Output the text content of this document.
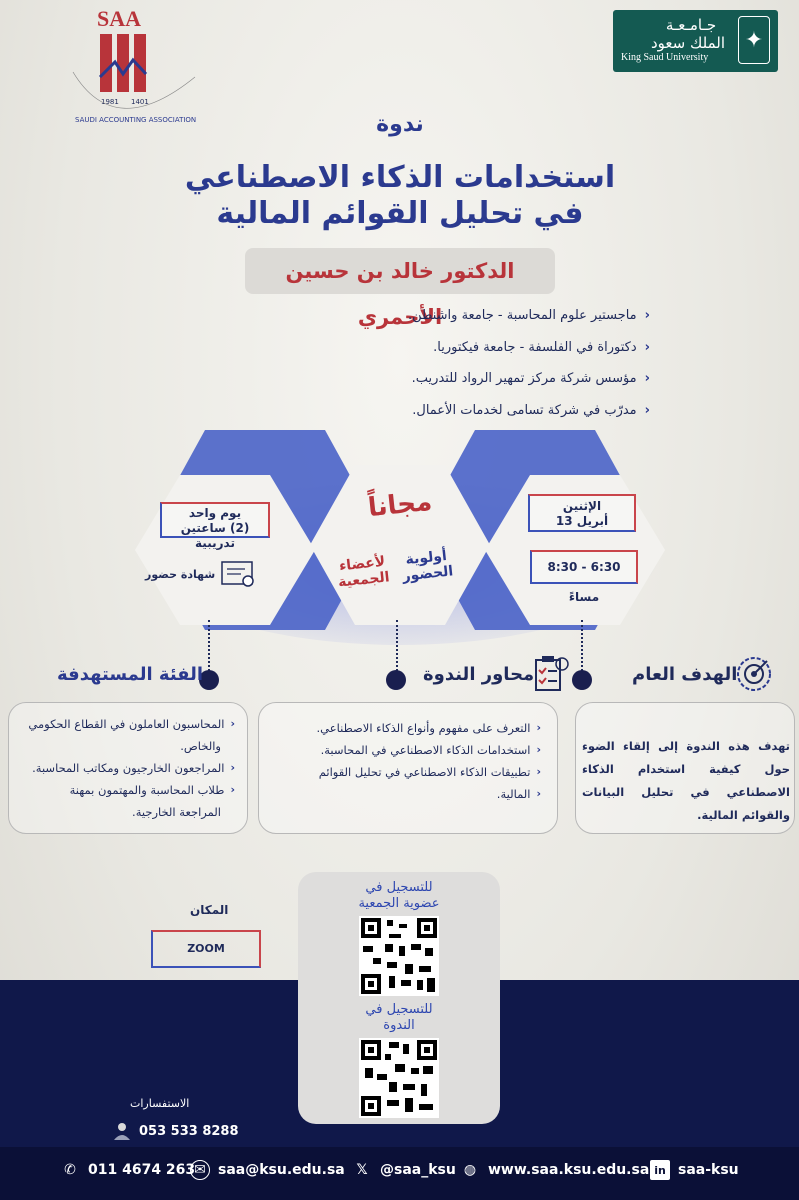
SAA
1981 1401
SAUDI ACCOUNTING ASSOCIATION
جـامـعـة
الملك سعود
King Saud University
✦
ندوة
استخدامات الذكاء الاصطناعي
في تحليل القوائم المالية
الدكتور خالد بن حسين الأحمري	‹
ماجستير علوم المحاسبة - جامعة واشنطن.
‹
دكتوراة في الفلسفة - جامعة فيكتوريا.
‹
مؤسس شركة مركز تمهير الرواد للتدريب.
‹
مدرّب في شركة تسامى لخدمات الأعمال.
الإثنين
13 أبريل
6:30 - 8:30 مساءً
مجاناً
أولوية
الحضور
لأعضاء
الجمعية
يوم واحد
(2) ساعتين تدريبية
شهادة حضور
الهدف العام
محاور الندوة
الفئة المستهدفة
تهدف هذه الندوة إلى إلقاء الضوء حول كيفية استخدام الذكاء الاصطناعي في تحليل البيانات والقوائم المالية.
‹
التعرف على مفهوم وأنواع الذكاء الاصطناعي.
‹
استخدامات الذكاء الاصطناعي في المحاسبة.
‹
تطبيقات الذكاء الاصطناعي في تحليل القوائم
‹
المالية.
‹
المحاسبون العاملون في القطاع الحكومي
والخاص.
‹
المراجعون الخارجيون ومكاتب المحاسبة.
‹
طلاب المحاسبة والمهتمون بمهنة
المراجعة الخارجية.
المكان
ZOOM
للتسجيل في
عضوية الجمعية
للتسجيل في
الندوة
الاستفسارات
053 533 8288
✆ 011 4674 263
✉ saa@ksu.edu.sa 𝕏 @saa_ksu ◍ www.saa.ksu.edu.sa in saa-ksu
